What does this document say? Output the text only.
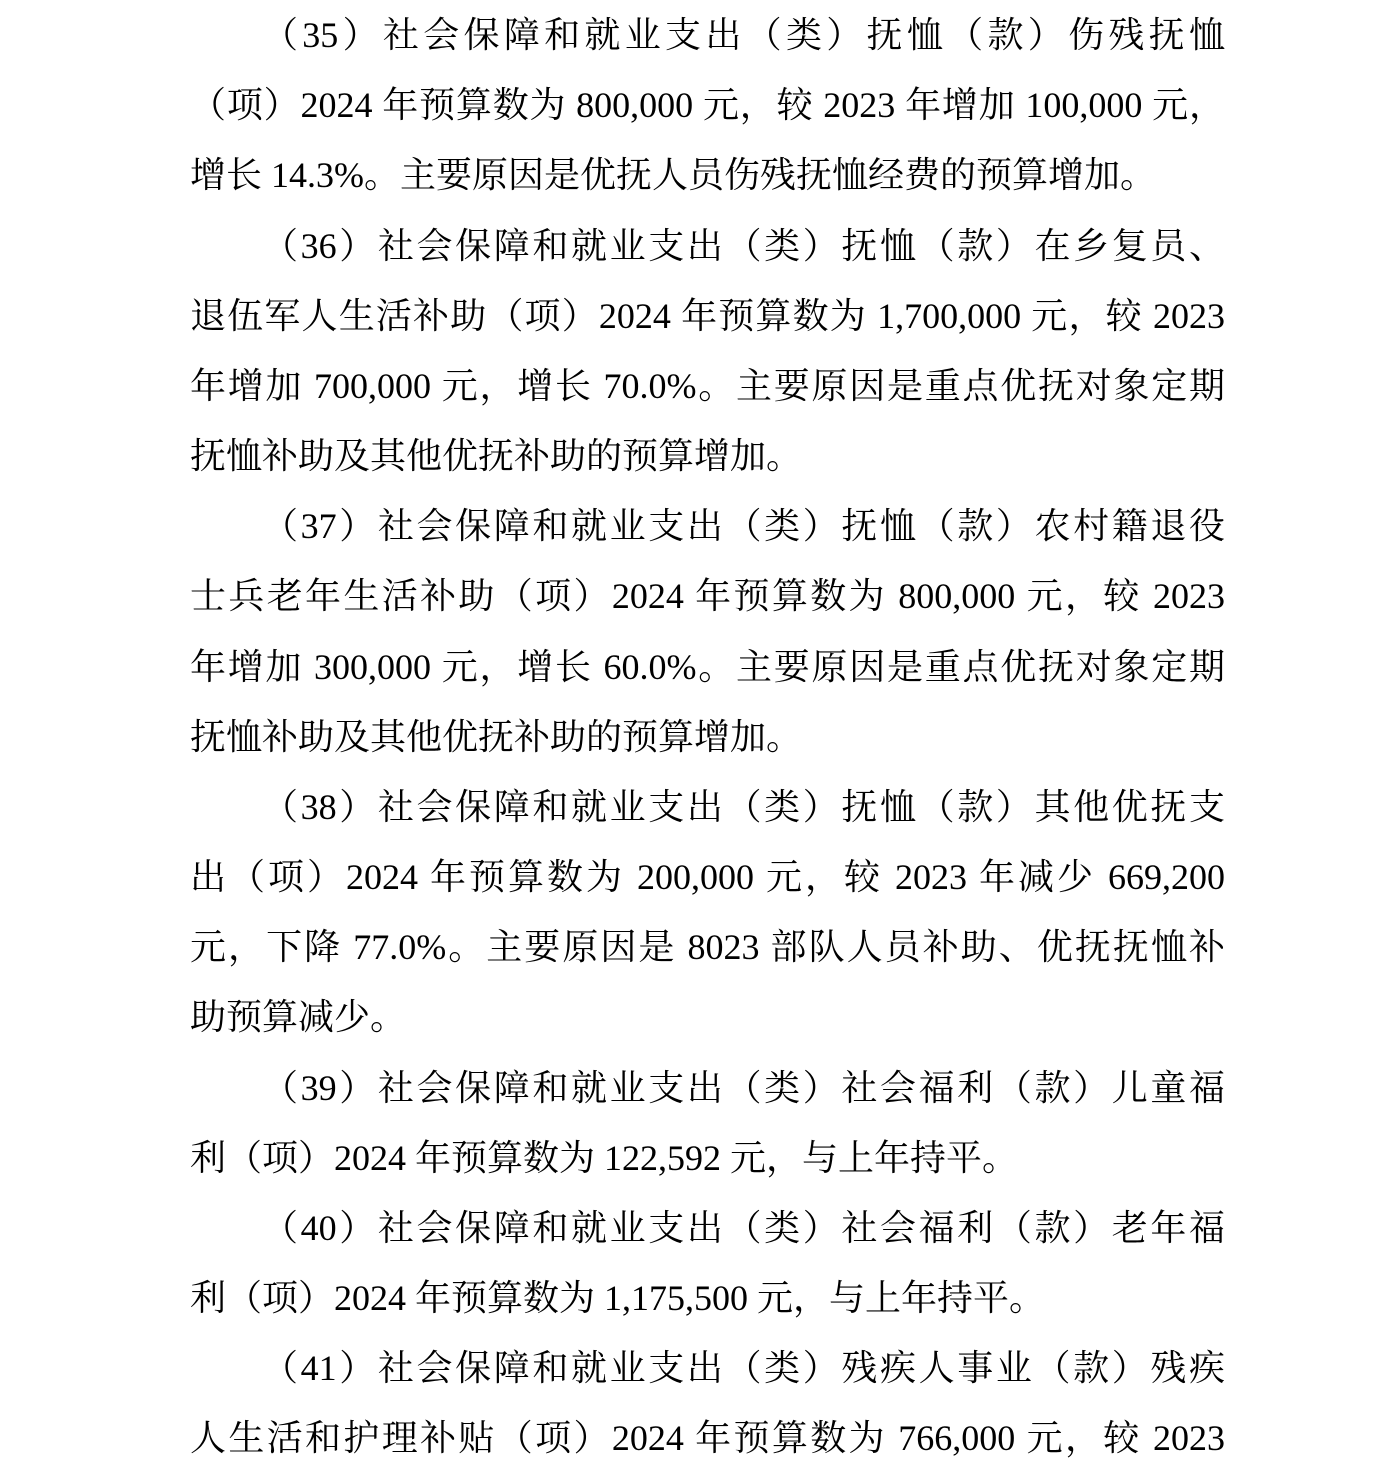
（35）社会保障和就业支出（类）抚恤（款）伤残抚恤
（项）2024 年预算数为 800,000 元，较 2023 年增加 100,000 元，
增长 14.3%。主要原因是优抚人员伤残抚恤经费的预算增加。
（36）社会保障和就业支出（类）抚恤（款）在乡复员、
退伍军人生活补助（项）2024 年预算数为 1,700,000 元，较 2023
年增加 700,000 元，增长 70.0%。主要原因是重点优抚对象定期
抚恤补助及其他优抚补助的预算增加。
（37）社会保障和就业支出（类）抚恤（款）农村籍退役
士兵老年生活补助（项）2024 年预算数为 800,000 元，较 2023
年增加 300,000 元，增长 60.0%。主要原因是重点优抚对象定期
抚恤补助及其他优抚补助的预算增加。
（38）社会保障和就业支出（类）抚恤（款）其他优抚支
出（项）2024 年预算数为 200,000 元，较 2023 年减少 669,200
元，下降 77.0%。主要原因是 8023 部队人员补助、优抚抚恤补
助预算减少。
（39）社会保障和就业支出（类）社会福利（款）儿童福
利（项）2024 年预算数为 122,592 元，与上年持平。
（40）社会保障和就业支出（类）社会福利（款）老年福
利（项）2024 年预算数为 1,175,500 元，与上年持平。
（41）社会保障和就业支出（类）残疾人事业（款）残疾
人生活和护理补贴（项）2024 年预算数为 766,000 元，较 2023
